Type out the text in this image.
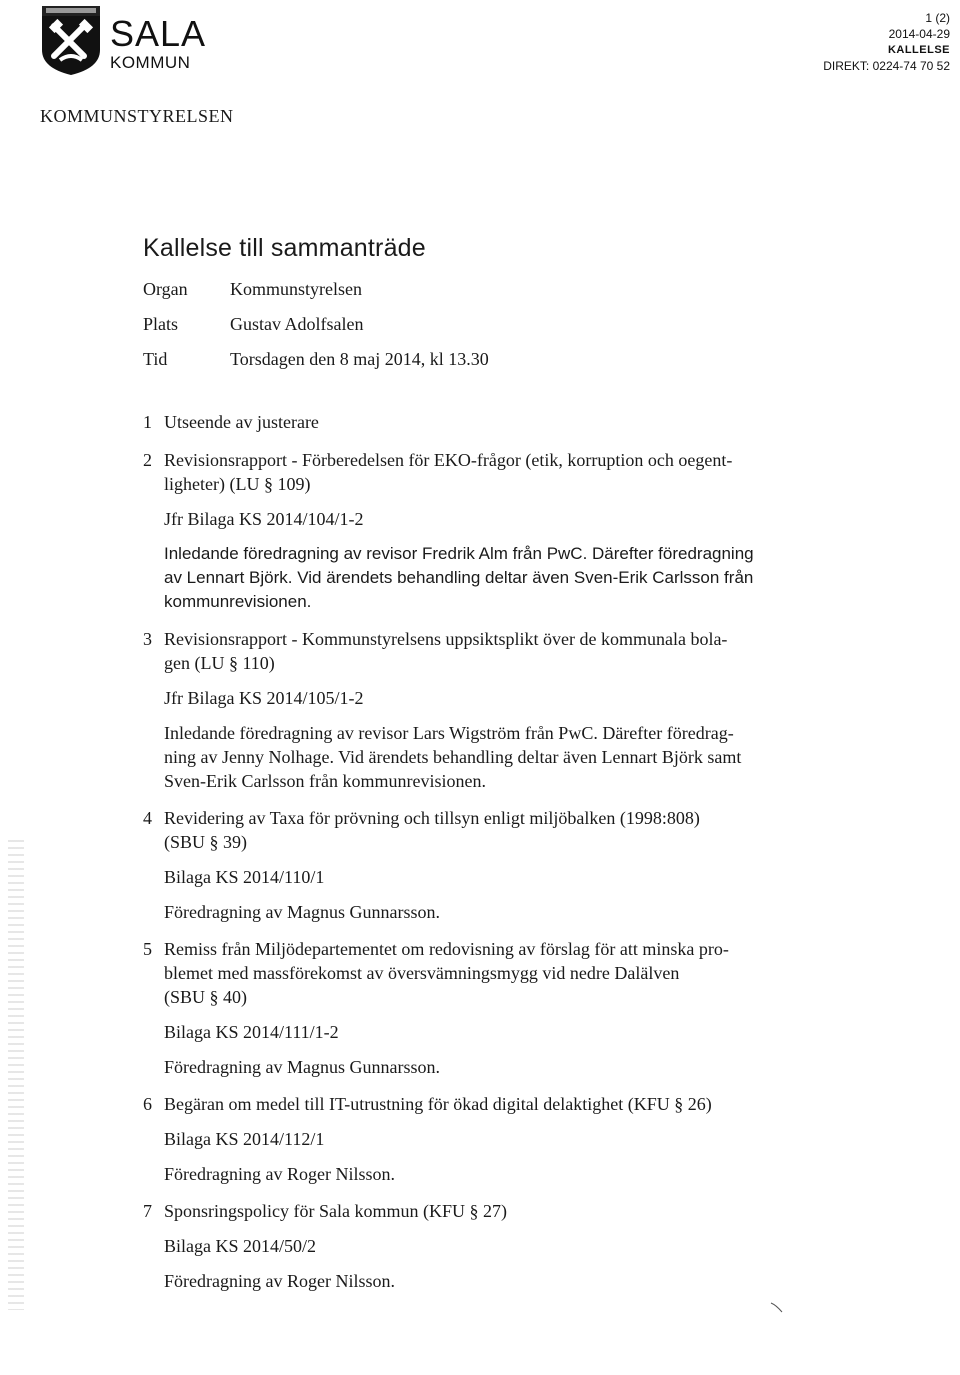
SALA
KOMMUN
1 (2)
2014-04-29
KALLELSE
DIREKT: 0224-74 70 52
KOMMUNSTYRELSEN
Kallelse till sammanträde
Organ	Kommunstyrelsen
Plats	Gustav Adolfsalen
Tid	Torsdagen den 8 maj 2014, kl 13.30
1 Utseende av justerare
2 Revisionsrapport - Förberedelsen för EKO-frågor (etik, korruption och oegent-
ligheter) (LU § 109)
Jfr Bilaga KS 2014/104/1-2
Inledande föredragning av revisor Fredrik Alm från PwC. Därefter föredragning
av Lennart Björk. Vid ärendets behandling deltar även Sven-Erik Carlsson från
kommunrevisionen.
3 Revisionsrapport - Kommunstyrelsens uppsiktsplikt över de kommunala bola-
gen (LU § 110)
Jfr Bilaga KS 2014/105/1-2
Inledande föredragning av revisor Lars Wigström från PwC. Därefter föredrag-
ning av Jenny Nolhage. Vid ärendets behandling deltar även Lennart Björk samt
Sven-Erik Carlsson från kommunrevisionen.
4 Revidering av Taxa för prövning och tillsyn enligt miljöbalken (1998:808)
(SBU § 39)
Bilaga KS 2014/110/1
Föredragning av Magnus Gunnarsson.
5 Remiss från Miljödepartementet om redovisning av förslag för att minska pro-
blemet med massförekomst av översvämningsmygg vid nedre Dalälven
(SBU § 40)
Bilaga KS 2014/111/1-2
Föredragning av Magnus Gunnarsson.
6 Begäran om medel till IT-utrustning för ökad digital delaktighet (KFU § 26)
Bilaga KS 2014/112/1
Föredragning av Roger Nilsson.
7 Sponsringspolicy för Sala kommun (KFU § 27)
Bilaga KS 2014/50/2
Föredragning av Roger Nilsson.
